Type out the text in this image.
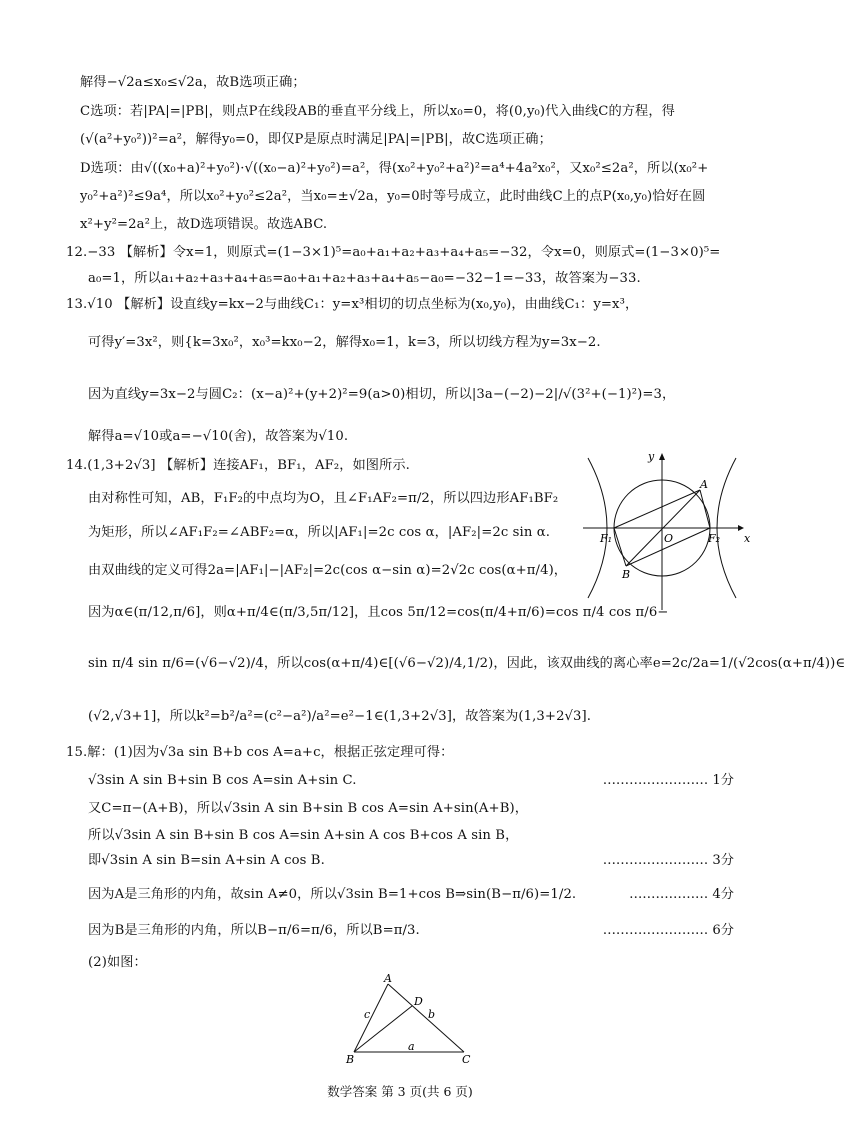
解得−√2a≤x₀≤√2a，故B选项正确；
C选项：若|PA|=|PB|，则点P在线段AB的垂直平分线上，所以x₀=0，将(0,y₀)代入曲线C的方程，得
(√(a²+y₀²))²=a²，解得y₀=0，即仅P是原点时满足|PA|=|PB|，故C选项正确；
D选项：由√((x₀+a)²+y₀²)·√((x₀−a)²+y₀²)=a²，得(x₀²+y₀²+a²)²=a⁴+4a²x₀²，又x₀²≤2a²，所以(x₀²+
y₀²+a²)²≤9a⁴，所以x₀²+y₀²≤2a²，当x₀=±√2a，y₀=0时等号成立，此时曲线C上的点P(x₀,y₀)恰好在圆
x²+y²=2a²上，故D选项错误。故选ABC.
12.−33 【解析】令x=1，则原式=(1−3×1)⁵=a₀+a₁+a₂+a₃+a₄+a₅=−32，令x=0，则原式=(1−3×0)⁵=
a₀=1，所以a₁+a₂+a₃+a₄+a₅=a₀+a₁+a₂+a₃+a₄+a₅−a₀=−32−1=−33，故答案为−33.
13.√10 【解析】设直线y=kx−2与曲线C₁：y=x³相切的切点坐标为(x₀,y₀)，由曲线C₁：y=x³，
可得y′=3x²，则{k=3x₀²，x₀³=kx₀−2，解得x₀=1，k=3，所以切线方程为y=3x−2.
因为直线y=3x−2与圆C₂：(x−a)²+(y+2)²=9(a>0)相切，所以|3a−(−2)−2|/√(3²+(−1)²)=3，
解得a=√10或a=−√10(舍)，故答案为√10.
14.(1,3+2√3] 【解析】连接AF₁，BF₁，AF₂，如图所示.
由对称性可知，AB，F₁F₂的中点均为O，且∠F₁AF₂=π/2，所以四边形AF₁BF₂
为矩形，所以∠AF₁F₂=∠ABF₂=α，所以|AF₁|=2c cos α，|AF₂|=2c sin α.
由双曲线的定义可得2a=|AF₁|−|AF₂|=2c(cos α−sin α)=2√2c cos(α+π/4)，
因为α∈(π/12,π/6]，则α+π/4∈(π/3,5π/12]，且cos 5π/12=cos(π/4+π/6)=cos π/4 cos π/6−
sin π/4 sin π/6=(√6−√2)/4，所以cos(α+π/4)∈[(√6−√2)/4,1/2)，因此，该双曲线的离心率e=2c/2a=1/(√2cos(α+π/4))∈
(√2,√3+1]，所以k²=b²/a²=(c²−a²)/a²=e²−1∈(1,3+2√3]，故答案为(1,3+2√3].
15.解：(1)因为√3a sin B+b cos A=a+c，根据正弦定理可得：
√3sin A sin B+sin B cos A=sin A+sin C.	…………………… 1分
又C=π−(A+B)，所以√3sin A sin B+sin B cos A=sin A+sin(A+B)，
所以√3sin A sin B+sin B cos A=sin A+sin A cos B+cos A sin B，
即√3sin A sin B=sin A+sin A cos B.	…………………… 3分
因为A是三角形的内角，故sin A≠0，所以√3sin B=1+cos B⇒sin(B−π/6)=1/2.	……………… 4分
因为B是三角形的内角，所以B−π/6=π/6，所以B=π/3.	…………………… 6分
(2)如图：
x
y
A
B
O
F₁	F₂
A
B	C
D
a
b
c
数学答案 第 3 页(共 6 页)
